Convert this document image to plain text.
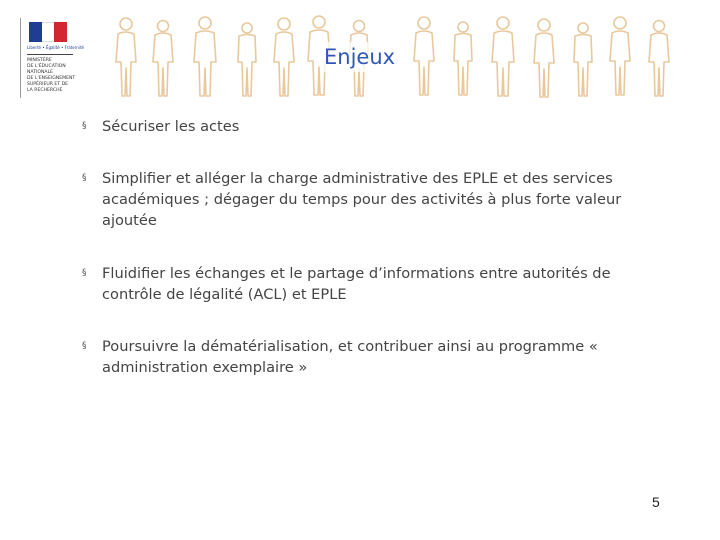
Liberté • Égalité • Fraternité
MINISTÈRE
DE L'ÉDUCATION
NATIONALE
DE L'ENSEIGNEMENT
SUPÉRIEUR ET DE
LA RECHERCHE
Enjeux
§ Sécuriser les actes
§ Simplifier et alléger la charge administrative des EPLE et des services académiques ; dégager du temps pour des activités à plus forte valeur ajoutée
§ Fluidifier les échanges et le partage d’informations entre autorités de contrôle de légalité (ACL) et EPLE
§ Poursuivre la dématérialisation, et contribuer ainsi au programme « administration exemplaire »
5
